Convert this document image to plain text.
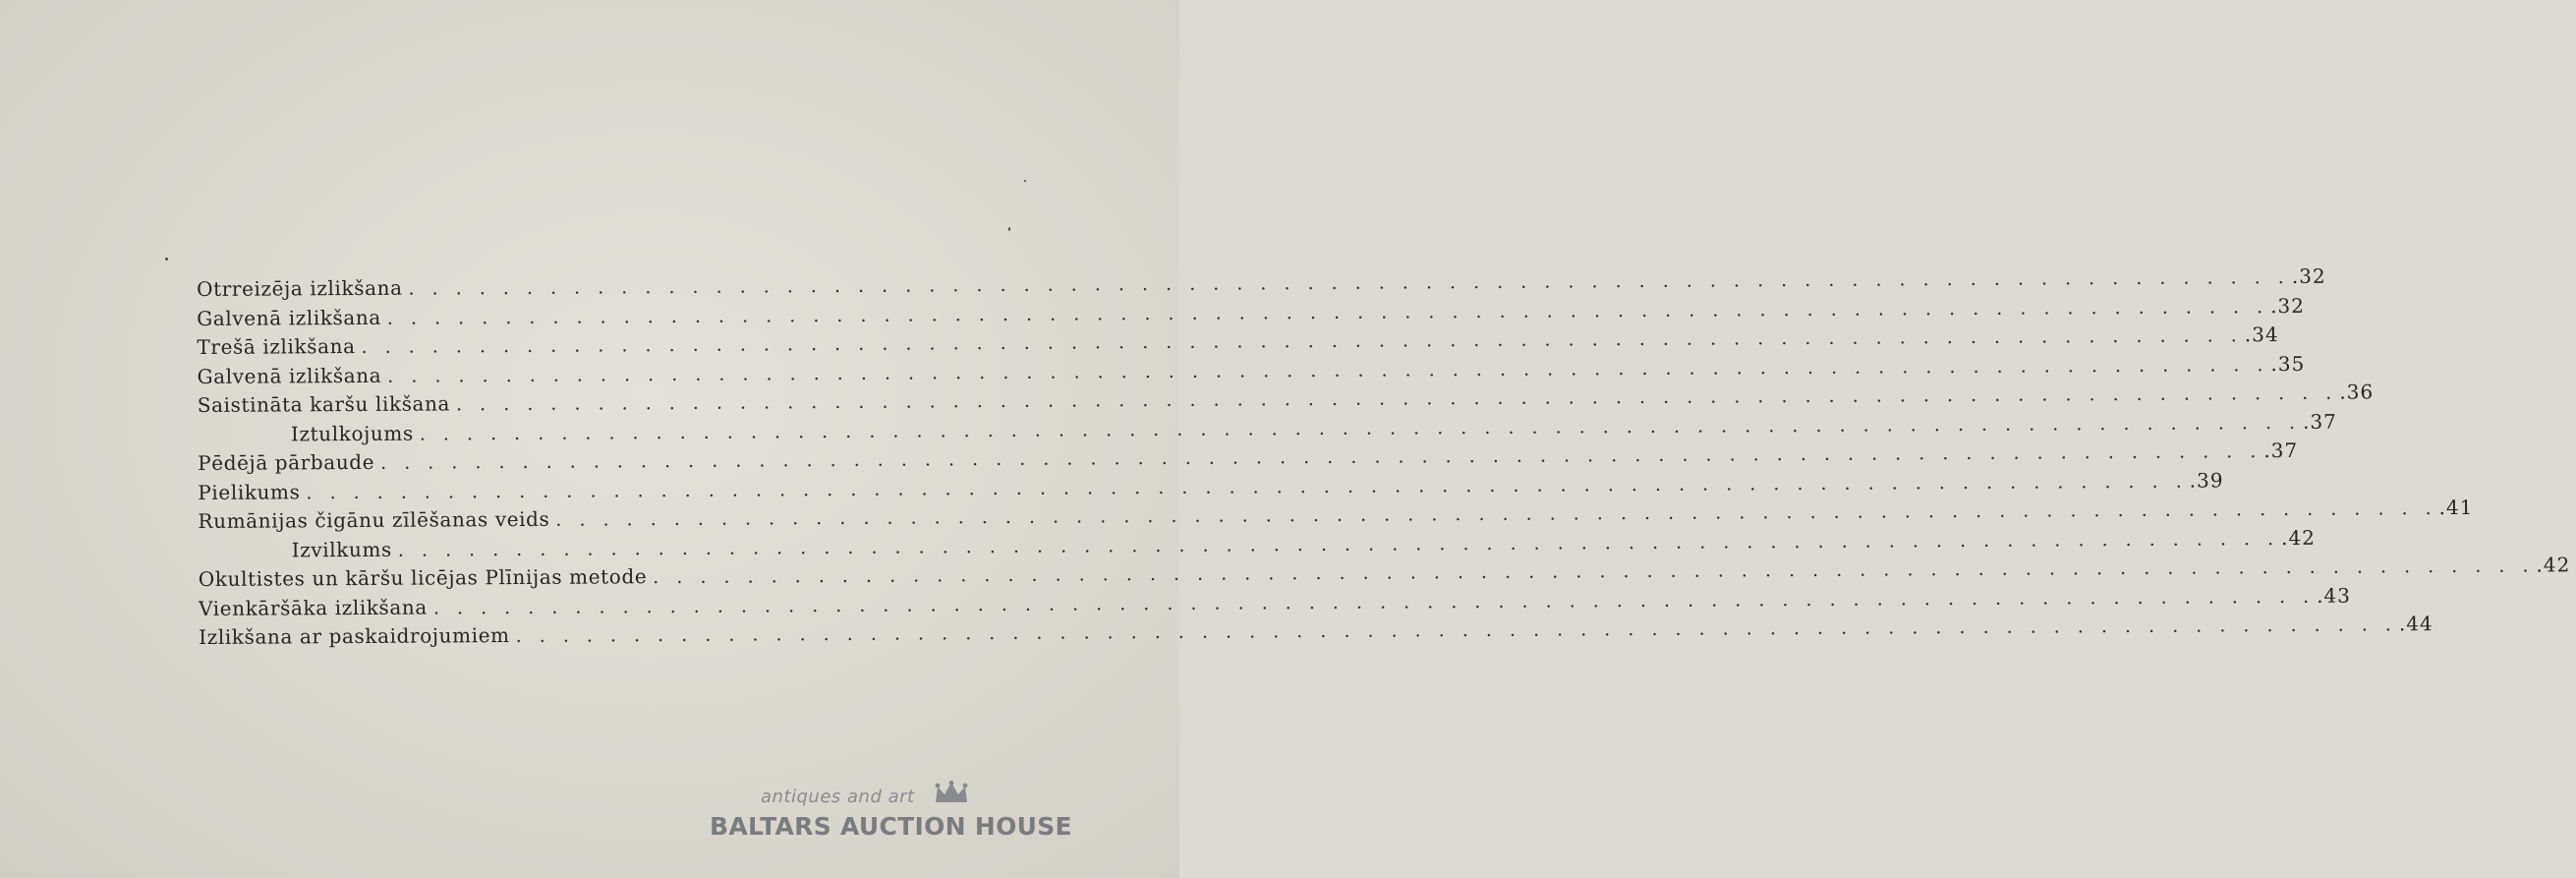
Otrreizēja izlikšana . . . . . . . . . . . . . . . . . . . . . . . . . . . . . . . . . . . . . . . . . . . . . . . . . . . . . . . . . . . . . . . . . . . . . . . . . . . . . . . . .32
Galvenā izlikšana . . . . . . . . . . . . . . . . . . . . . . . . . . . . . . . . . . . . . . . . . . . . . . . . . . . . . . . . . . . . . . . . . . . . . . . . . . . . . . . . .32
Trešā izlikšana . . . . . . . . . . . . . . . . . . . . . . . . . . . . . . . . . . . . . . . . . . . . . . . . . . . . . . . . . . . . . . . . . . . . . . . . . . . . . . . . .34
Galvenā izlikšana . . . . . . . . . . . . . . . . . . . . . . . . . . . . . . . . . . . . . . . . . . . . . . . . . . . . . . . . . . . . . . . . . . . . . . . . . . . . . . . . .35
Saistināta karšu likšana . . . . . . . . . . . . . . . . . . . . . . . . . . . . . . . . . . . . . . . . . . . . . . . . . . . . . . . . . . . . . . . . . . . . . . . . . . . . . . . . .36
Iztulkojums . . . . . . . . . . . . . . . . . . . . . . . . . . . . . . . . . . . . . . . . . . . . . . . . . . . . . . . . . . . . . . . . . . . . . . . . . . . . . . . . .37
Pēdējā pārbaude . . . . . . . . . . . . . . . . . . . . . . . . . . . . . . . . . . . . . . . . . . . . . . . . . . . . . . . . . . . . . . . . . . . . . . . . . . . . . . . . .37
Pielikums . . . . . . . . . . . . . . . . . . . . . . . . . . . . . . . . . . . . . . . . . . . . . . . . . . . . . . . . . . . . . . . . . . . . . . . . . . . . . . . . .39
Rumānijas čigānu zīlēšanas veids . . . . . . . . . . . . . . . . . . . . . . . . . . . . . . . . . . . . . . . . . . . . . . . . . . . . . . . . . . . . . . . . . . . . . . . . . . . . . . . . .41
Izvilkums . . . . . . . . . . . . . . . . . . . . . . . . . . . . . . . . . . . . . . . . . . . . . . . . . . . . . . . . . . . . . . . . . . . . . . . . . . . . . . . . .42
Okultistes un kāršu licējas Plīnijas metode . . . . . . . . . . . . . . . . . . . . . . . . . . . . . . . . . . . . . . . . . . . . . . . . . . . . . . . . . . . . . . . . . . . . . . . . . . . . . . . . .42
Vienkāršāka izlikšana . . . . . . . . . . . . . . . . . . . . . . . . . . . . . . . . . . . . . . . . . . . . . . . . . . . . . . . . . . . . . . . . . . . . . . . . . . . . . . . . .43
Izlikšana ar paskaidrojumiem . . . . . . . . . . . . . . . . . . . . . . . . . . . . . . . . . . . . . . . . . . . . . . . . . . . . . . . . . . . . . . . . . . . . . . . . . . . . . . . . .44
antiques and art
BALTARS AUCTION HOUSE
